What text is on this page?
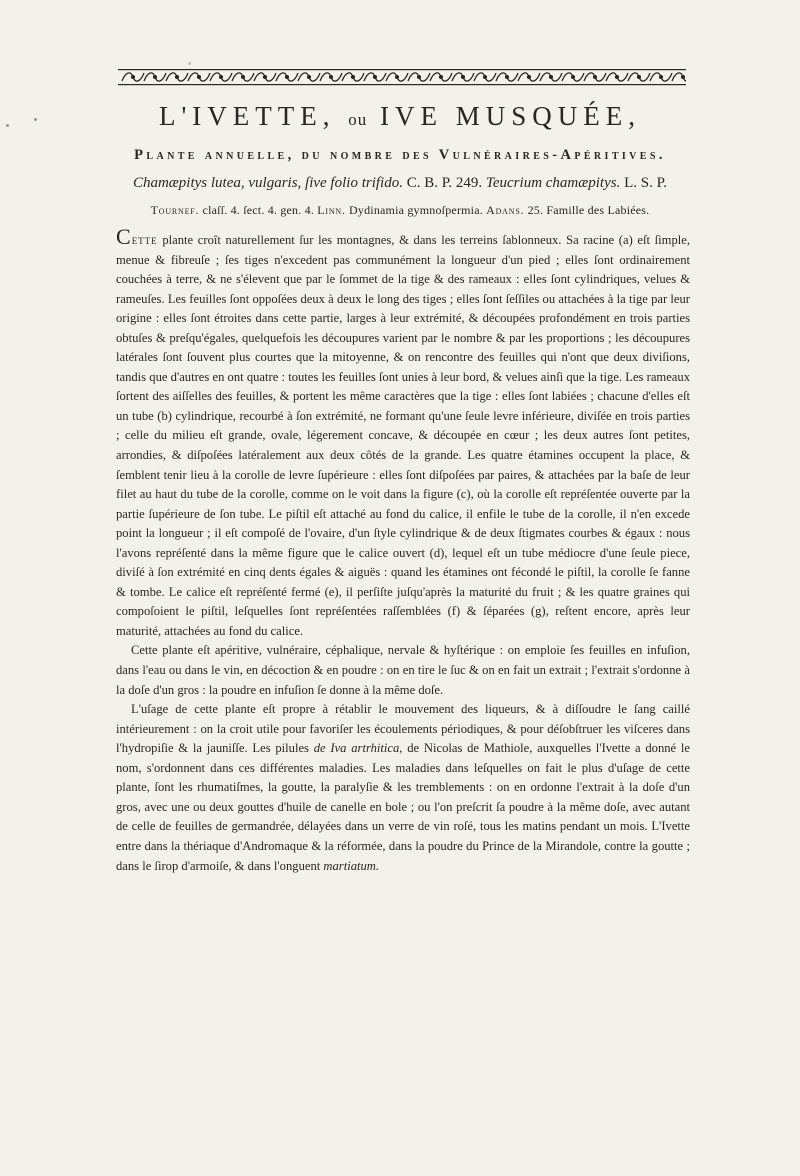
L'IVETTE, ou IVE MUSQUÉE,
Plante annuelle, du nombre des Vulnéraires-Apéritives.
Chamæpitys lutea, vulgaris, ſive folio trifido. C. B. P. 249. Teucrium chamæpitys. L. S. P.
Tournef. claſſ. 4. ſect. 4. gen. 4. Linn. Dydinamia gymnoſpermia. Adans. 25. Famille des Labiées.

Cette plante croît naturellement ſur les montagnes, & dans les terreins ſablonneux. Sa racine (a) eſt ſimple, menue & fibreuſe ; ſes tiges n'excedent pas communément la longueur d'un pied ; elles ſont ordinairement couchées à terre, & ne s'élevent que par le ſommet de la tige & des rameaux : elles ſont cylindriques, velues & rameuſes. Les feuilles ſont oppoſées deux à deux le long des tiges ; elles ſont ſeſſiles ou attachées à la tige par leur origine : elles ſont étroites dans cette partie, larges à leur extrémité, & découpées profondément en trois parties obtuſes & preſqu'égales, quelquefois les découpures varient par le nombre & par les proportions ; les découpures latérales ſont ſouvent plus courtes que la mitoyenne, & on rencontre des feuilles qui n'ont que deux diviſions, tandis que d'autres en ont quatre : toutes les feuilles ſont unies à leur bord, & velues ainſi que la tige. Les rameaux ſortent des aiſſelles des feuilles, & portent les même caractères que la tige : elles ſont labiées ; chacune d'elles eſt un tube (b) cylindrique, recourbé à ſon extrémité, ne formant qu'une ſeule levre inférieure, diviſée en trois parties ; celle du milieu eſt grande, ovale, légerement concave, & découpée en cœur ; les deux autres ſont petites, arrondies, & diſpoſées latéralement aux deux côtés de la grande. Les quatre étamines occupent la place, & ſemblent tenir lieu à la corolle de levre ſupérieure : elles ſont diſpoſées par paires, & attachées par la baſe de leur filet au haut du tube de la corolle, comme on le voit dans la figure (c), où la corolle eſt repréſentée ouverte par la partie ſupérieure de ſon tube. Le piſtil eſt attaché au fond du calice, il enfile le tube de la corolle, il n'en excede point la longueur ; il eſt compoſé de l'ovaire, d'un ſtyle cylindrique & de deux ſtigmates courbes & égaux : nous l'avons repréſenté dans la même figure que le calice ouvert (d), lequel eſt un tube médiocre d'une ſeule piece, diviſé à ſon extrémité en cinq dents égales & aiguës : quand les étamines ont fécondé le piſtil, la corolle ſe fanne & tombe. Le calice eſt repréſenté fermé (e), il perſiſte juſqu'après la maturité du fruit ; & les quatre graines qui compoſoient le piſtil, leſquelles ſont repréſentées raſſemblées (f) & ſéparées (g), reſtent encore, après leur maturité, attachées au fond du calice.

Cette plante eſt apéritive, vulnéraire, céphalique, nervale & hyſtérique : on emploie ſes feuilles en infuſion, dans l'eau ou dans le vin, en décoction & en poudre : on en tire le ſuc & on en fait un extrait ; l'extrait s'ordonne à la doſe d'un gros : la poudre en infuſion ſe donne à la même doſe.

L'uſage de cette plante eſt propre à rétablir le mouvement des liqueurs, & à diſſoudre le ſang caillé intérieurement : on la croit utile pour favoriſer les écoulements périodiques, & pour déſobſtruer les viſceres dans l'hydropiſie & la jauniſſe. Les pilules de Iva artrhitica, de Nicolas de Mathiole, auxquelles l'Ivette a donné le nom, s'ordonnent dans ces différentes maladies. Les maladies dans leſquelles on fait le plus d'uſage de cette plante, ſont les rhumatiſmes, la goutte, la paralyſie & les tremblements : on en ordonne l'extrait à la doſe d'un gros, avec une ou deux gouttes d'huile de canelle en bole ; ou l'on preſcrit ſa poudre à la même doſe, avec autant de celle de feuilles de germandrée, délayées dans un verre de vin roſé, tous les matins pendant un mois. L'Ivette entre dans la thériaque d'Andromaque & la réformée, dans la poudre du Prince de la Mirandole, contre la goutte ; dans le ſirop d'armoiſe, & dans l'onguent martiatum.
